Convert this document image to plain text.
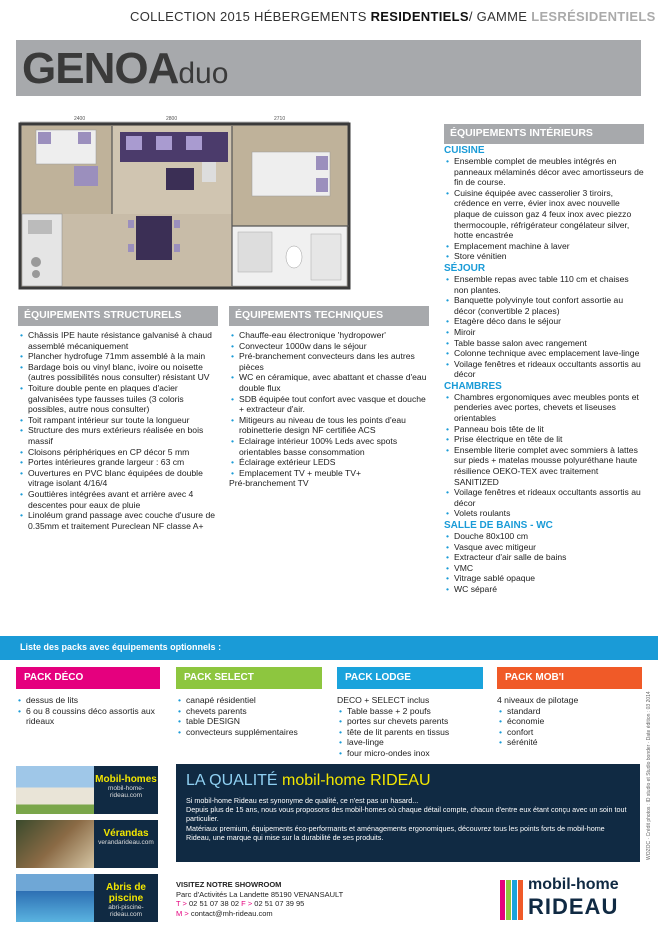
COLLECTION 2015 HÉBERGEMENTS RESIDENTIELS/ GAMME LESRÉSIDENTIELS
GENOAduo
2400	2800	2710
ÉQUIPEMENTS INTÉRIEURS
CUISINE
• Ensemble complet de meubles intégrés en panneaux mélaminés décor avec amortisseurs de fin de course.
• Cuisine équipée avec casserolier 3 tiroirs, crédence en verre, évier inox avec nouvelle plaque de cuisson gaz 4 feux inox avec piezzo thermocouple, réfrigérateur congélateur silver, hotte encastrée
• Emplacement machine à laver
• Store vénitien
SÉJOUR
• Ensemble repas avec table 110 cm et chaises non plantes.
• Banquette polyvinyle tout confort assortie au décor (convertible 2 places)
• Etagère déco dans le séjour
• Miroir
• Table basse salon avec rangement
• Colonne technique avec emplacement lave-linge
• Voilage fenêtres et rideaux occultants assortis au décor
CHAMBRES
• Chambres ergonomiques avec meubles ponts et penderies avec portes, chevets et liseuses orientables
• Panneau bois tête de lit
• Prise électrique en tête de lit
• Ensemble literie complet avec sommiers à lattes sur pieds + matelas mousse polyuréthane haute résilience OEKO-TEX avec traitement SANITIZED
• Voilage fenêtres et rideaux occultants assortis au décor
• Volets roulants
SALLE DE BAINS - WC
• Douche 80x100 cm
• Vasque avec mitigeur
• Extracteur d'air salle de bains
• VMC
• Vitrage sablé opaque
• WC séparé
ÉQUIPEMENTS STRUCTURELS
• Châssis IPE haute résistance galvanisé à chaud assemblé mécaniquement
• Plancher hydrofuge 71mm assemblé à la main
• Bardage bois ou vinyl blanc, ivoire ou noisette (autres possibilités nous consulter) résistant UV
• Toiture double pente en plaques d'acier galvanisées type fausses tuiles (3 coloris possibles, autre nous consulter)
• Toit rampant intérieur sur toute la longueur
• Structure des murs extérieurs réalisée en bois massif
• Cloisons périphériques en CP décor 5 mm
• Portes intérieures grande largeur : 63 cm
• Ouvertures en PVC blanc équipées de double vitrage isolant 4/16/4
• Gouttières intégrées avant et arrière avec 4 descentes pour eaux de pluie
• Linoléum grand passage avec couche d'usure de 0.35mm et traitement Pureclean NF classe A+
ÉQUIPEMENTS TECHNIQUES
• Chauffe-eau électronique 'hydropower'
• Convecteur 1000w dans le séjour
• Pré-branchement convecteurs dans les autres pièces
• WC en céramique, avec abattant et chasse d'eau double flux
• SDB équipée tout confort avec vasque et douche + extracteur d'air.
• Mitigeurs au niveau de tous les points d'eau robinetterie design NF certifiée ACS
• Eclairage intérieur 100% Leds avec spots orientables basse consommation
• Éclairage extérieur LEDS
• Emplacement TV + meuble TV+
Pré-branchement TV
Liste des packs avec équipements optionnels :
PACK DÉCO	PACK SELECT	PACK LODGE	PACK MOB'I
• dessus de lits
• 6 ou 8 coussins déco assortis aux rideaux
• canapé résidentiel
• chevets parents
• table DESIGN
• convecteurs supplémentaires
DECO + SELECT inclus
• Table basse + 2 poufs
• portes sur chevets parents
• tête de lit parents en tissus
• lave-linge
• four micro-ondes inox
4 niveaux de pilotage
• standard
• économie
• confort
• sérénité	WOZOC · Crédit photos : ID studio et Studio bonder · Date édition : 03 2014
Mobil-homes
mobil-home-rideau.com
Vérandas
verandarideau.com
Abris de piscine
abri-piscine-rideau.com
LA QUALITÉ mobil-home RIDEAU
Si mobil-home Rideau est synonyme de qualité, ce n'est pas un hasard...
Depuis plus de 15 ans, nous vous proposons des mobil-homes où chaque détail compte, chacun d'entre eux étant conçu avec un soin tout particulier.
Matériaux premium, équipements éco-performants et aménagements ergonomiques, découvrez tous les points forts de mobil-home Rideau, une marque qui mise sur la durabilité de ses produits.
VISITEZ NOTRE SHOWROOM
Parc d'Activités La Landette 85190 VENANSAULT
T > 02 51 07 38 02 F > 02 51 07 39 95
M > contact@mh-rideau.com
mobil-home
RIDEAU
